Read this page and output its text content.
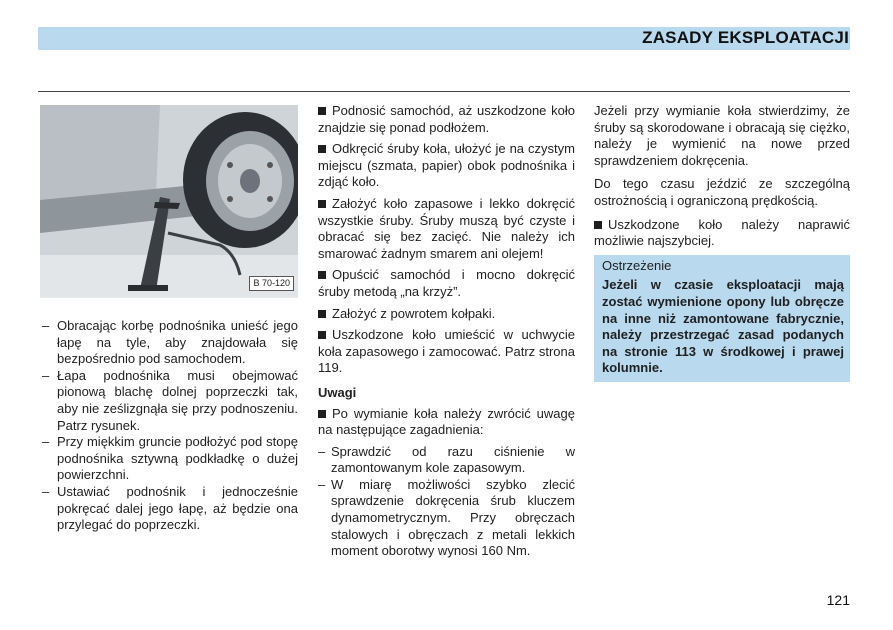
ZASADY EKSPLOATACJI
B 70-120
– Obracając korbę podnośnika unieść jego łapę na tyle, aby znajdowała się bezpośrednio pod samochodem.
– Łapa podnośnika musi obejmować pionową blachę dolnej poprzeczki tak, aby nie ześlizgnąła się przy podnoszeniu. Patrz rysunek.
– Przy miękkim gruncie podłożyć pod stopę podnośnika sztywną podkładkę o dużej powierzchni.
– Ustawiać podnośnik i jednocześnie pokręcać dalej jego łapę, aż będzie ona przylegać do poprzeczki.

Podnosić samochód, aż uszkodzone koło znajdzie się ponad podłożem.

Odkręcić śruby koła, ułożyć je na czystym miejscu (szmata, papier) obok podnośnika i zdjąć koło.

Założyć koło zapasowe i lekko dokręcić wszystkie śruby. Śruby muszą być czyste i obracać się bez zacięć. Nie należy ich smarować żadnym smarem ani olejem!

Opuścić samochód i mocno dokręcić śruby metodą „na krzyż”.

Założyć z powrotem kołpaki.

Uszkodzone koło umieścić w uchwycie koła zapasowego i zamocować. Patrz strona 119.

Uwagi

Po wymianie koła należy zwrócić uwagę na następujące zagadnienia:

– Sprawdzić od razu ciśnienie w zamontowanym kole zapasowym.
– W miarę możliwości szybko zlecić sprawdzenie dokręcenia śrub kluczem dynamometrycznym. Przy obręczach stalowych i obręczach z metali lekkich moment oborotwy wynosi 160 Nm.

Jeżeli przy wymianie koła stwierdzimy, że śruby są skorodowane i obracają się ciężko, należy je wymienić na nowe przed sprawdzeniem dokręcenia.

Do tego czasu jeździć ze szczególną ostrożnością i ograniczoną prędkością.

Uszkodzone koło należy naprawić możliwie najszybciej.

Ostrzeżenie

Jeżeli w czasie eksploatacji mają zostać wymienione opony lub obręcze na inne niż zamontowane fabrycznie, należy przestrzegać zasad podanych na stronie 113 w środkowej i prawej kolumnie.

121
